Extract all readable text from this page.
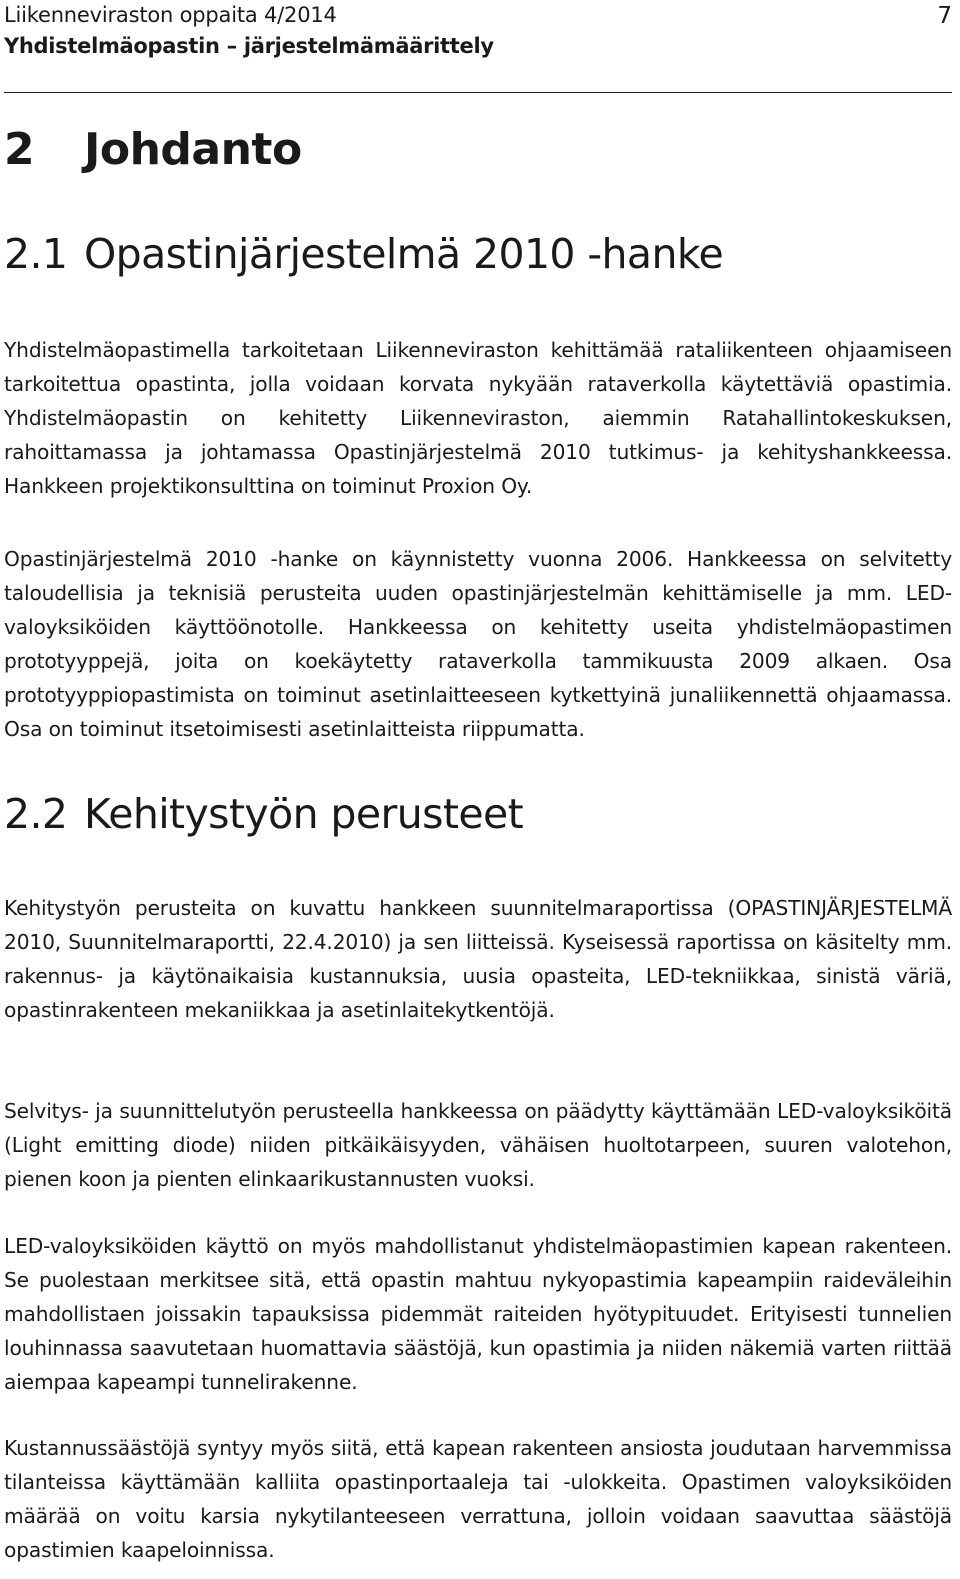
Liikenneviraston oppaita 4/2014
Yhdistelmäopastin – järjestelmämäärittely
7
2 Johdanto
2.1 Opastinjärjestelmä 2010 -hanke

Yhdistelmäopastimella tarkoitetaan Liikenneviraston kehittämää rataliikenteen ohjaamiseen tarkoitettua opastinta, jolla voidaan korvata nykyään rataverkolla käytettäviä opastimia. Yhdistelmäopastin on kehitetty Liikenneviraston, aiemmin Ratahallintokeskuksen, rahoittamassa ja johtamassa Opastinjärjestelmä 2010 tutkimus- ja kehityshankkeessa. Hankkeen projektikonsulttina on toiminut Proxion Oy.

Opastinjärjestelmä 2010 -hanke on käynnistetty vuonna 2006. Hankkeessa on selvitetty taloudellisia ja teknisiä perusteita uuden opastinjärjestelmän kehittämiselle ja mm. LED-valoyksiköiden käyttöönotolle. Hankkeessa on kehitetty useita yhdistelmäopastimen prototyyppejä, joita on koekäytetty rataverkolla tammikuusta 2009 alkaen. Osa prototyyppiopastimista on toiminut asetinlaitteeseen kytkettyinä junaliikennettä ohjaamassa. Osa on toiminut itsetoimisesti asetinlaitteista riippumatta.

2.2 Kehitystyön perusteet

Kehitystyön perusteita on kuvattu hankkeen suunnitelmaraportissa (OPASTINJÄRJESTELMÄ 2010, Suunnitelmaraportti, 22.4.2010) ja sen liitteissä. Kyseisessä raportissa on käsitelty mm. rakennus- ja käytönaikaisia kustannuksia, uusia opasteita, LED-tekniikkaa, sinistä väriä, opastinrakenteen mekaniikkaa ja asetinlaitekytkentöjä.

Selvitys- ja suunnittelutyön perusteella hankkeessa on päädytty käyttämään LED-valoyksiköitä (Light emitting diode) niiden pitkäikäisyyden, vähäisen huoltotarpeen, suuren valotehon, pienen koon ja pienten elinkaarikustannusten vuoksi.

LED-valoyksiköiden käyttö on myös mahdollistanut yhdistelmäopastimien kapean rakenteen. Se puolestaan merkitsee sitä, että opastin mahtuu nykyopastimia kapeampiin raideväleihin mahdollistaen joissakin tapauksissa pidemmät raiteiden hyötypituudet. Erityisesti tunnelien louhinnassa saavutetaan huomattavia säästöjä, kun opastimia ja niiden näkemiä varten riittää aiempaa kapeampi tunnelirakenne.

Kustannussäästöjä syntyy myös siitä, että kapean rakenteen ansiosta joudutaan harvemmissa tilanteissa käyttämään kalliita opastinportaaleja tai -ulokkeita. Opastimen valoyksiköiden määrää on voitu karsia nykytilanteeseen verrattuna, jolloin voidaan saavuttaa säästöjä opastimien kaapeloinnissa.
